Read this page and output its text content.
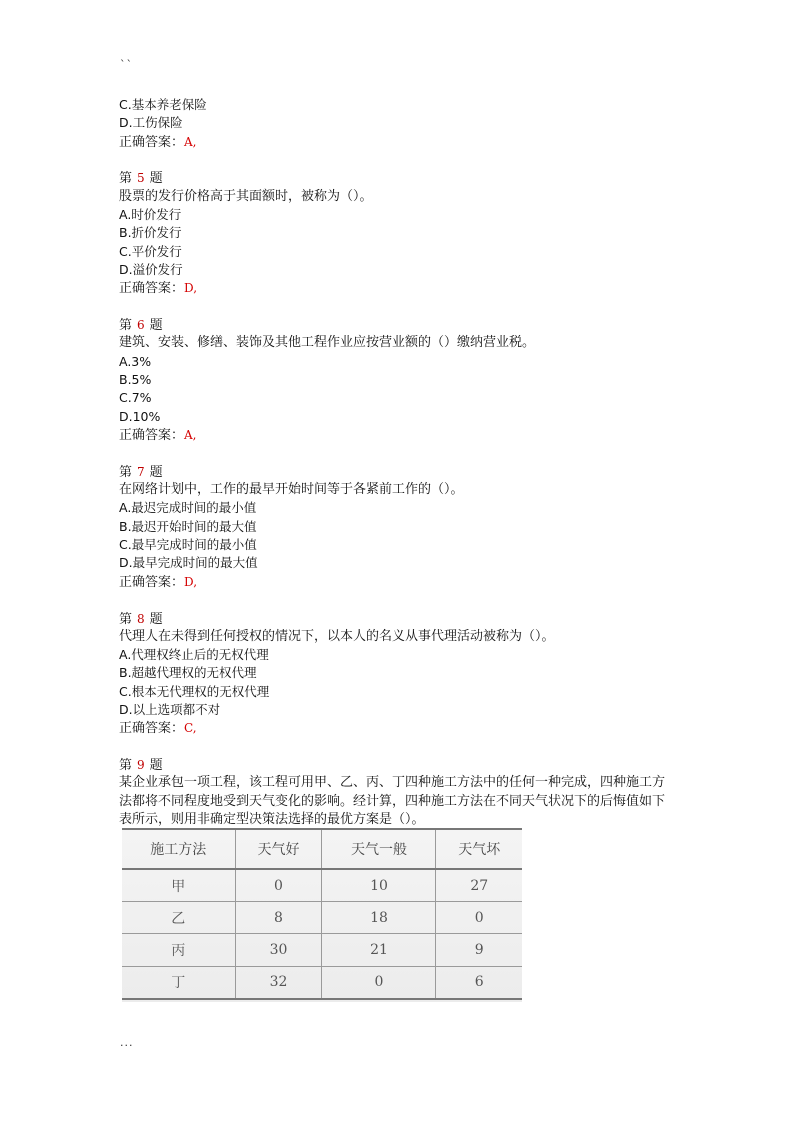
``
C.基本养老保险
D.工伤保险
正确答案：A,
第 5 题
股票的发行价格高于其面额时，被称为（）。
A.时价发行
B.折价发行
C.平价发行
D.溢价发行
正确答案：D,
第 6 题
建筑、安装、修缮、装饰及其他工程作业应按营业额的（）缴纳营业税。
A.3%
B.5%
C.7%
D.10%
正确答案：A,
第 7 题
在网络计划中，工作的最早开始时间等于各紧前工作的（）。
A.最迟完成时间的最小值
B.最迟开始时间的最大值
C.最早完成时间的最小值
D.最早完成时间的最大值
正确答案：D,
第 8 题
代理人在未得到任何授权的情况下，以本人的名义从事代理活动被称为（）。
A.代理权终止后的无权代理
B.超越代理权的无权代理
C.根本无代理权的无权代理
D.以上选项都不对
正确答案：C,
第 9 题
某企业承包一项工程，该工程可用甲、乙、丙、丁四种施工方法中的任何一种完成，四种施工方法都将不同程度地受到天气变化的影响。经计算，四种施工方法在不同天气状况下的后悔值如下表所示，则用非确定型决策法选择的最优方案是（）。
施工方法	天气好	天气一般	天气坏
甲	0	10	27
乙	8	18	0
丙	30	21	9
丁	32	0	6
...
